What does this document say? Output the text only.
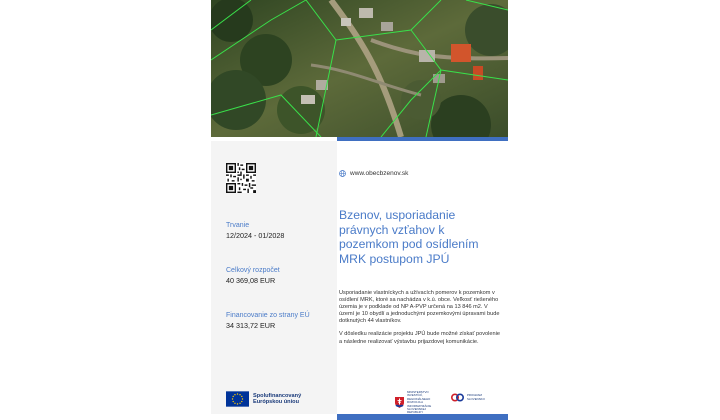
Trvanie
12/2024 - 01/2028
Celkový rozpočet
40 369,08 EUR
Financovanie zo strany EÚ
34 313,72 EUR
www.obecbzenov.sk
Bzenov, usporiadanie právnych vzťahov k pozemkom pod osídlením MRK postupom JPÚ

Usporiadanie vlastníckych a užívacích pomerov k pozemkom v osídlení MRK, ktoré sa nachádza v k.ú. obce. Veľkosť riešeného územia je v podklade od NP A-PVP určená na 13 846 m2. V území je 10 obydlí a jednoduchými pozemkovými úpravami bude dotknutých 44 vlastníkov.

V dôsledku realizácie projektu JPÚ bude možné získať povolenie a následne realizovať výstavbu prijazdovej komunikácie.

Spolufinancovaný Európskou úniou
MINISTERSTVO INVESTÍCIÍ, REGIONÁLNEHO ROZVOJA A INFORMATIZÁCIE SLOVENSKEJ REPUBLIKY
PROGRAM SLOVENSKO
